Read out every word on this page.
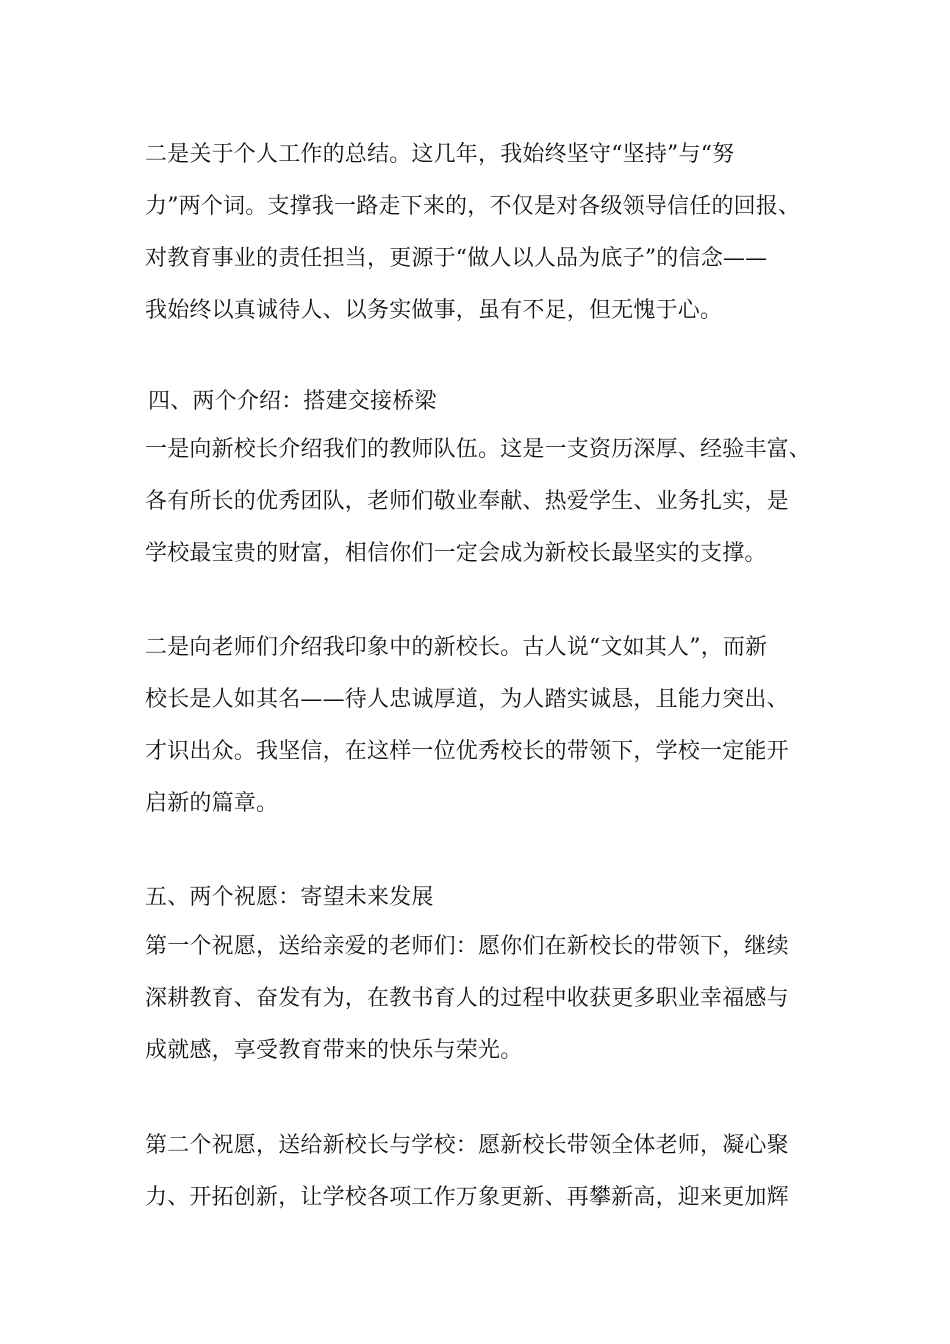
二是关于个人工作的总结。这几年，我始终坚守“坚持”与“努
力”两个词。支撑我一路走下来的，不仅是对各级领导信任的回报、
对教育事业的责任担当，更源于“做人以人品为底子”的信念——
我始终以真诚待人、以务实做事，虽有不足，但无愧于心。
四、两个介绍：搭建交接桥梁
一是向新校长介绍我们的教师队伍。这是一支资历深厚、经验丰富、
各有所长的优秀团队，老师们敬业奉献、热爱学生、业务扎实，是
学校最宝贵的财富，相信你们一定会成为新校长最坚实的支撑。
二是向老师们介绍我印象中的新校长。古人说“文如其人”，而新
校长是人如其名——待人忠诚厚道，为人踏实诚恳，且能力突出、
才识出众。我坚信，在这样一位优秀校长的带领下，学校一定能开
启新的篇章。
五、两个祝愿：寄望未来发展
第一个祝愿，送给亲爱的老师们：愿你们在新校长的带领下，继续
深耕教育、奋发有为，在教书育人的过程中收获更多职业幸福感与
成就感，享受教育带来的快乐与荣光。
第二个祝愿，送给新校长与学校：愿新校长带领全体老师，凝心聚
力、开拓创新，让学校各项工作万象更新、再攀新高，迎来更加辉
